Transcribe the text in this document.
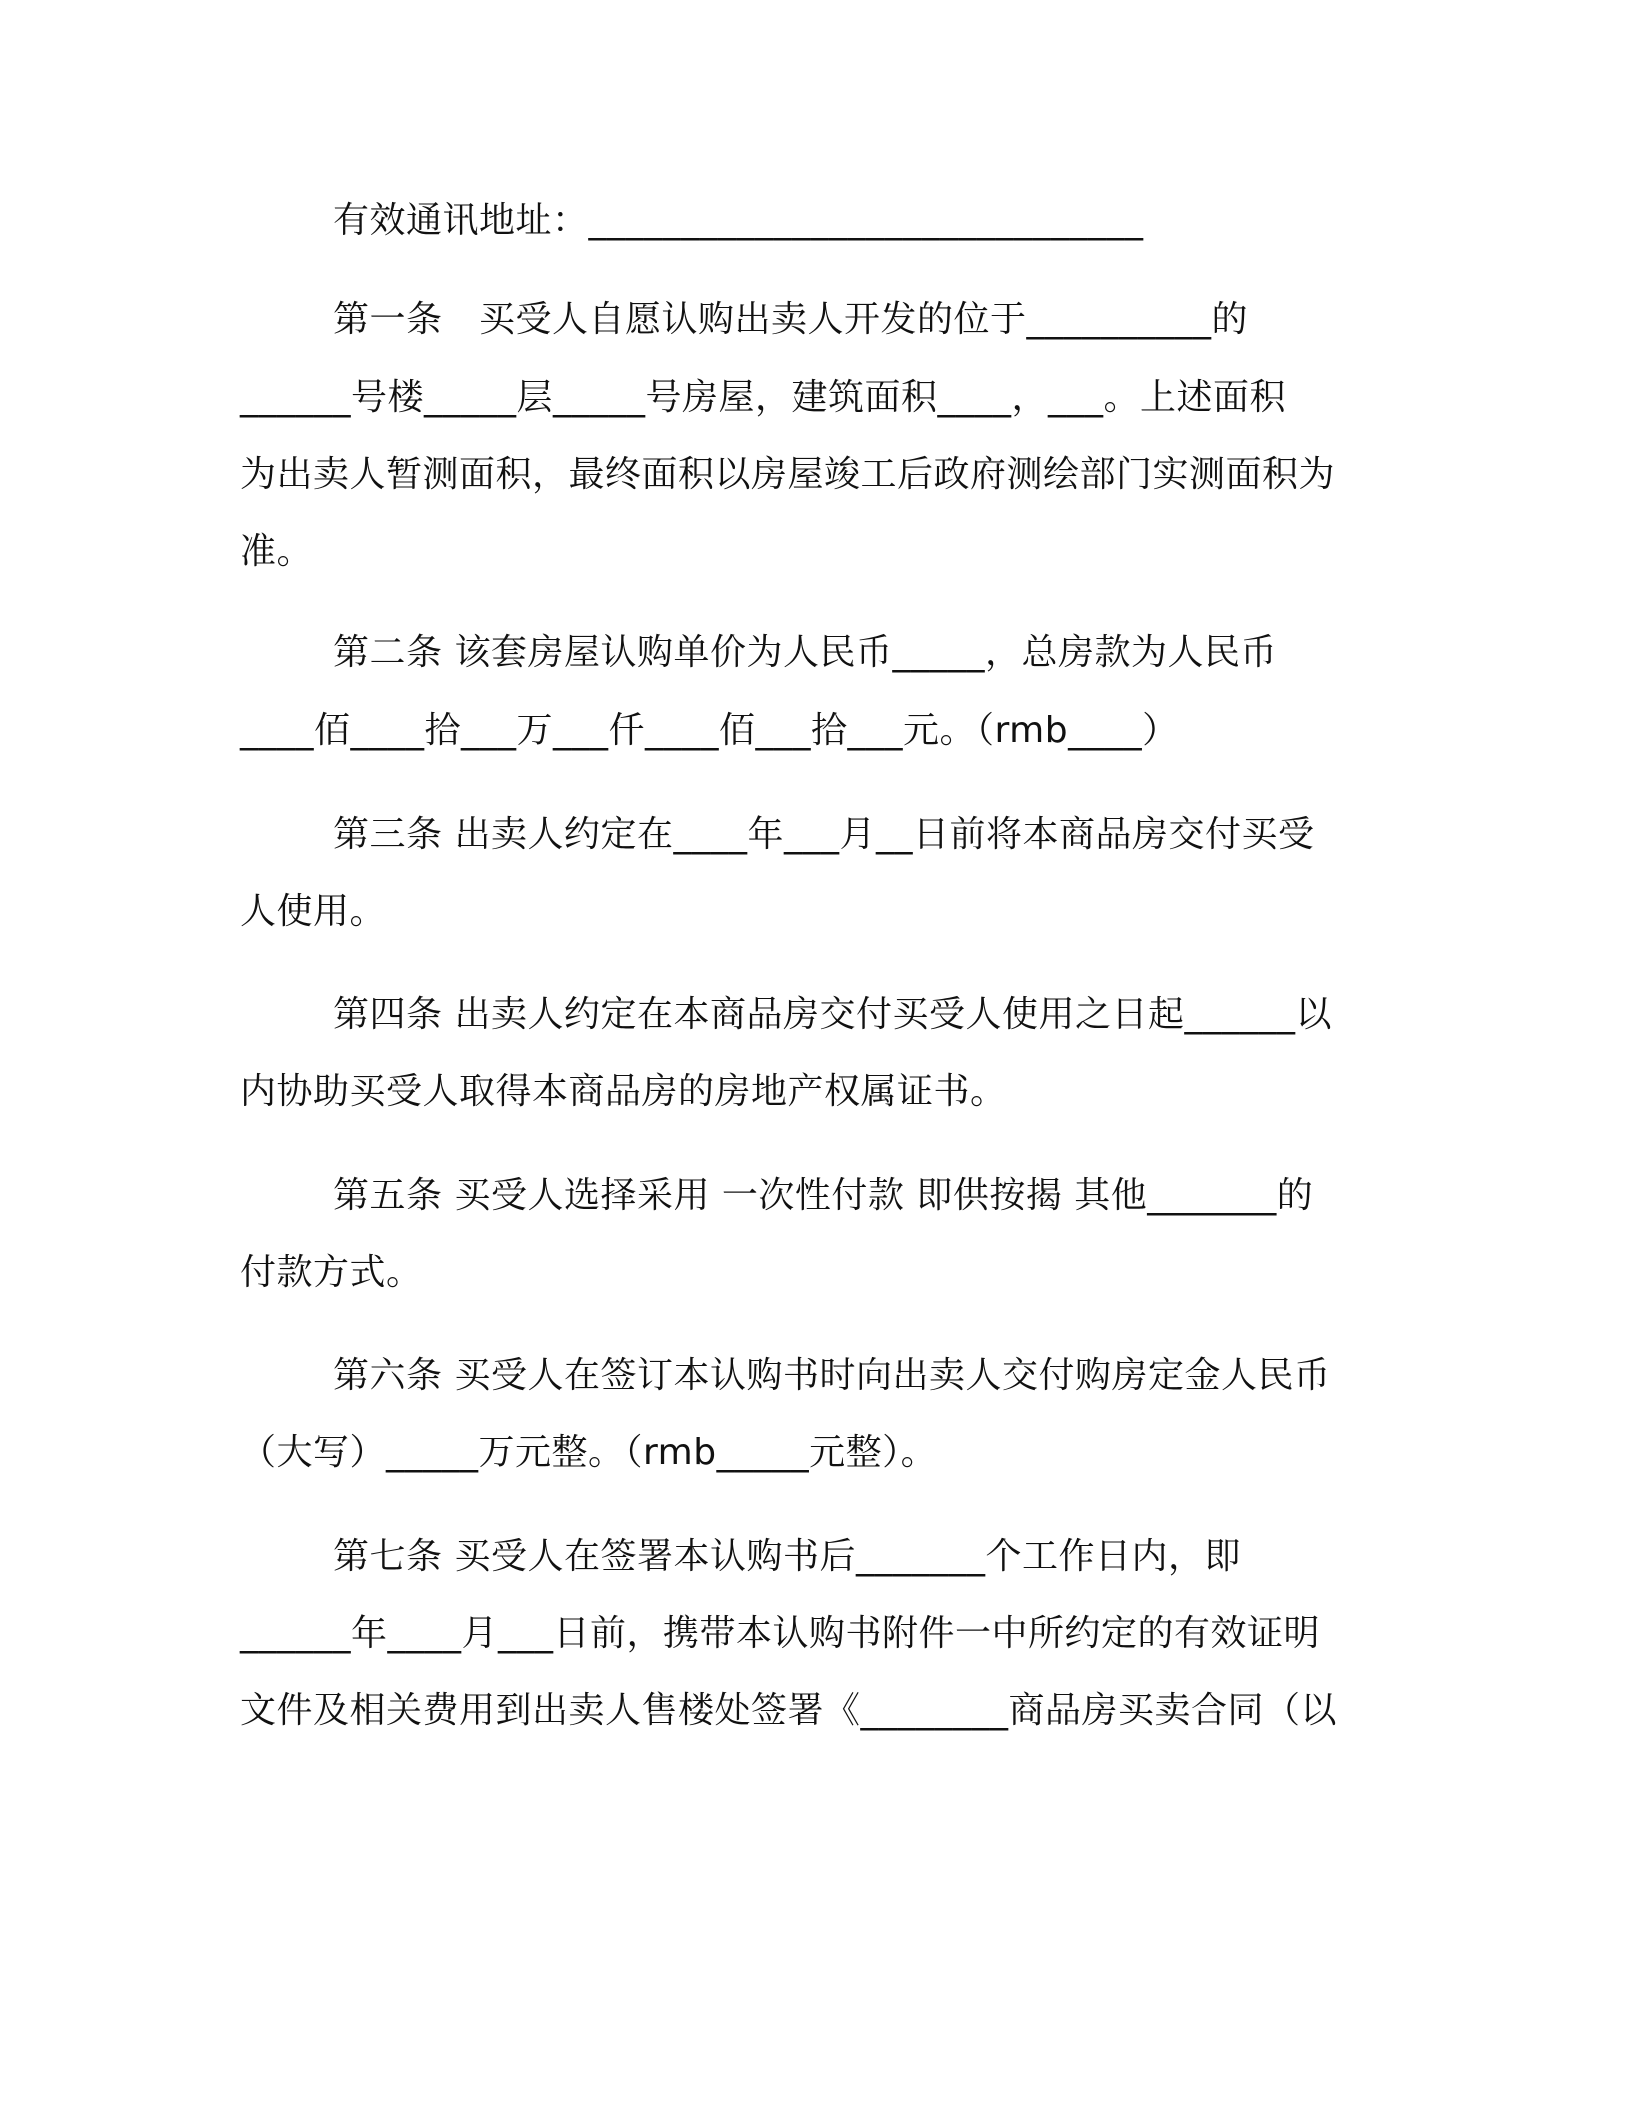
有效通讯地址：______________________________
第一条　买受人自愿认购出卖人开发的位于__________的
______号楼_____层_____号房屋，建筑面积____，___。上述面积
为出卖人暂测面积，最终面积以房屋竣工后政府测绘部门实测面积为
准。
第二条 该套房屋认购单价为人民币_____，总房款为人民币
____佰____拾___万___仟____佰___拾___元。（rmb____）
第三条 出卖人约定在____年___月__日前将本商品房交付买受
人使用。
第四条 出卖人约定在本商品房交付买受人使用之日起______以
内协助买受人取得本商品房的房地产权属证书。
第五条 买受人选择采用 一次性付款 即供按揭 其他_______的
付款方式。
第六条 买受人在签订本认购书时向出卖人交付购房定金人民币
（大写）_____万元整。（rmb_____元整）。
第七条 买受人在签署本认购书后_______个工作日内，即
______年____月___日前，携带本认购书附件一中所约定的有效证明
文件及相关费用到出卖人售楼处签署《________商品房买卖合同（以
